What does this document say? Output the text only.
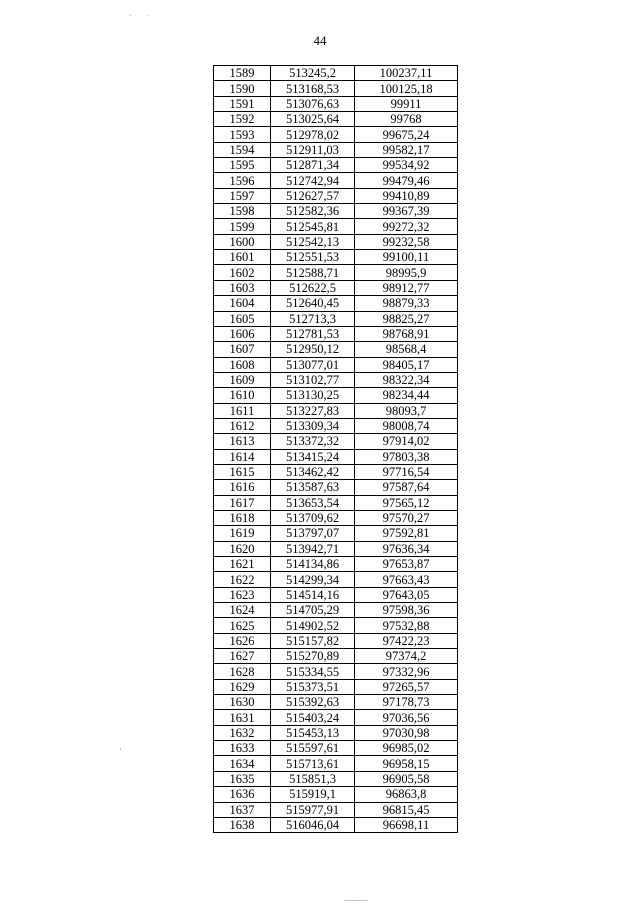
44
1589	513245,2	100237,11
1590	513168,53	100125,18
1591	513076,63	99911
1592	513025,64	99768
1593	512978,02	99675,24
1594	512911,03	99582,17
1595	512871,34	99534,92
1596	512742,94	99479,46
1597	512627,57	99410,89
1598	512582,36	99367,39
1599	512545,81	99272,32
1600	512542,13	99232,58
1601	512551,53	99100,11
1602	512588,71	98995,9
1603	512622,5	98912,77
1604	512640,45	98879,33
1605	512713,3	98825,27
1606	512781,53	98768,91
1607	512950,12	98568,4
1608	513077,01	98405,17
1609	513102,77	98322,34
1610	513130,25	98234,44
1611	513227,83	98093,7
1612	513309,34	98008,74
1613	513372,32	97914,02
1614	513415,24	97803,38
1615	513462,42	97716,54
1616	513587,63	97587,64
1617	513653,54	97565,12
1618	513709,62	97570,27
1619	513797,07	97592,81
1620	513942,71	97636,34
1621	514134,86	97653,87
1622	514299,34	97663,43
1623	514514,16	97643,05
1624	514705,29	97598,36
1625	514902,52	97532,88
1626	515157,82	97422,23
1627	515270,89	97374,2
1628	515334,55	97332,96
1629	515373,51	97265,57
1630	515392,63	97178,73
1631	515403,24	97036,56
1632	515453,13	97030,98
1633	515597,61	96985,02
1634	515713,61	96958,15
1635	515851,3	96905,58
1636	515919,1	96863,8
1637	515977,91	96815,45
1638	516046,04	96698,11
